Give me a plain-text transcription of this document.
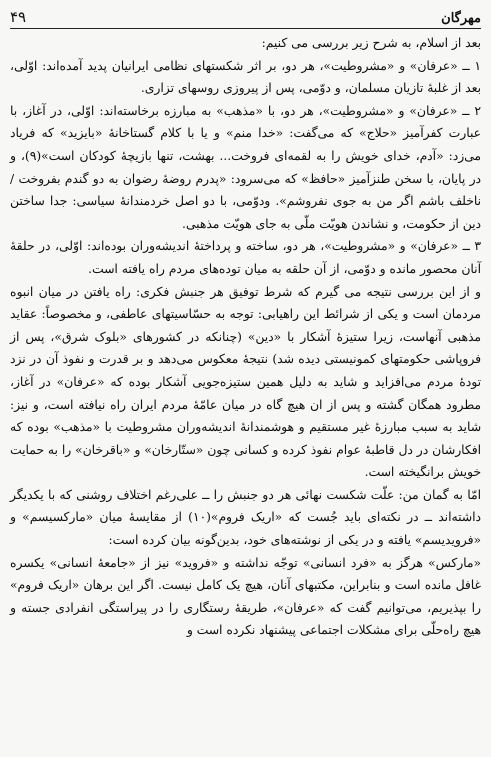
۴۹	مهرگان

بعد از اسلام، به شرح زیر بررسی می کنیم:

۱ ــ «عرفان» و «مشروطیت»، هر دو، بر اثر شکستهای نظامی ایرانیان پدید آمده‌اند: اوّلی، بعد از غلبهٔ تازیان مسلمان، و دوّمی، پس از پیروزی روسهای تزاری.

۲ ــ «عرفان» و «مشروطیت»، هر دو، با «مذهب» به مبارزه برخاسته‌اند: اوّلی، در آغاز، با عبارت کفرآمیز «حلاج» که می‌گفت: «خدا منم» و یا با کلام گستاخانهٔ «بایزید» که فریاد می‌زد: «آدم، خدای خویش را به لقمه‌ای فروخت... بهشت، تنها بازیچهٔ کودکان است»(۹)، و در پایان، با سخن طنزآمیز «حافظ» که می‌سرود: «پدرم روضهٔ رضوان به دو گندم بفروخت / ناخلف باشم اگر من به جوی نفروشم». ودوّمی، با دو اصل خردمندانهٔ سیاسی: جدا ساختن دین از حکومت، و نشاندن هویّت ملّی به جای هویّت مذهبی.

۳ ــ «عرفان» و «مشروطیت»، هر دو، ساخته و پرداختهٔ اندیشه‌وران بوده‌اند: اوّلی، در حلقهٔ آنان محصور مانده و دوّمی، از آن حلقه به میان توده‌های مردم راه یافته است.

و از این بررسی نتیجه می گیرم که شرط توفیق هر جنبش فکری: راه یافتن در میان انبوه مردمان است و یکی از شرائط این راهیابی: توجه به حسّاسیتهای عاطفی، و مخصوصاً: عقاید مذهبی آنهاست، زیرا ستیزهٔ آشکار با «دین» (چنانکه در کشورهای «بلوک شرق»، پس از فروپاشی حکومتهای کمونیستی دیده شد) نتیجهٔ معکوس می‌دهد و بر قدرت و نفوذ آن در نزد تودهٔ مردم می‌افزاید و شاید به دلیل همین ستیزه‌جویی آشکار بوده که «عرفان» در آغاز، مطرود همگان گشته و پس از ان هیچ گاه در میان عامّهٔ مردم ایران راه نیافته است، و نیز: شاید به سبب مبارزهٔ غیر مستقیم و هوشمندانهٔ اندیشه‌وران مشروطیت با «مذهب» بوده که افکارشان در دل قاطبهٔ عوام نفوذ کرده و کسانی چون «ستّارخان» و «باقرخان» را به حمایت خویش برانگیخته است.

امّا به گمان من: علّت شکست نهائی هر دو جنبش را ــ علی‌رغم اختلاف روشنی که با یکدیگر داشته‌اند ــ در نکته‌ای باید جُست که «اریک فروم»(۱۰) از مقایسهٔ میان «مارکسیسم» و «فرویدیسم» یافته و در یکی از نوشته‌های خود، بدین‌گونه بیان کرده است:

«مارکس» هرگز به «فرد انسانی» توجّه نداشته و «فروید» نیز از «جامعهٔ انسانی» یکسره غافل مانده است و بنابراین، مکتبهای آنان، هیچ یک کامل نیست. اگر این برهان «اریک فروم» را بپذیریم، می‌توانیم گفت که «عرفان»، طریقهٔ رستگاری را در پیراستگی انفرادی جسته و هیچ راه‌حلّی برای مشکلات اجتماعی پیشنهاد نکرده است و
